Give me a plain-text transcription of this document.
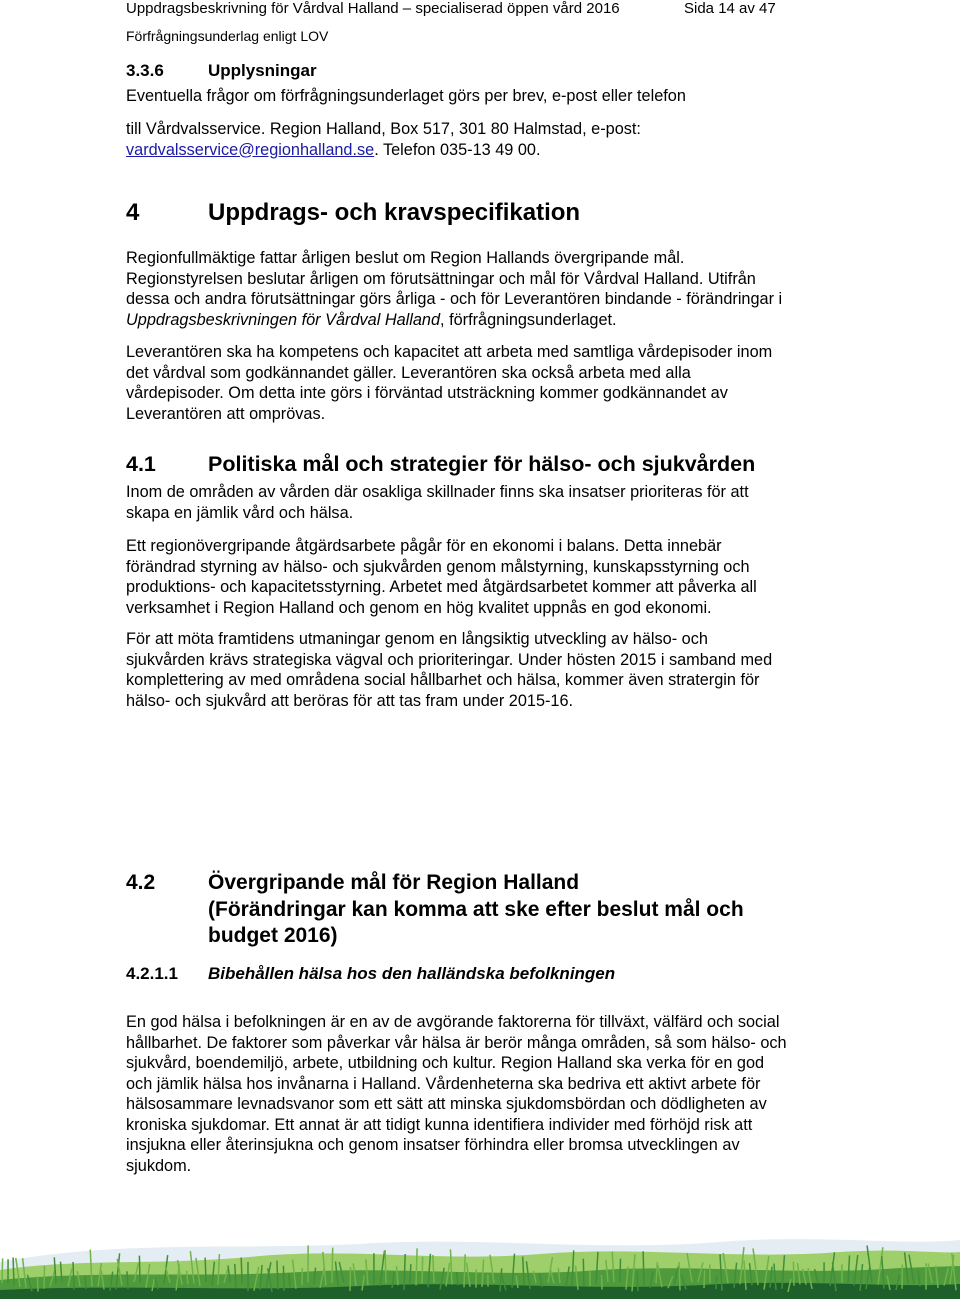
Uppdragsbeskrivning för Vårdval Halland – specialiserad öppen vård 2016	Sida 14 av 47
Förfrågningsunderlag enligt LOV
3.3.6	Upplysningar
Eventuella frågor om förfrågningsunderlaget görs per brev, e-post eller telefon
till Vårdvalsservice. Region Halland, Box 517, 301 80 Halmstad, e-post:
vardvalsservice@regionhalland.se. Telefon 035-13 49 00.
4	Uppdrags- och kravspecifikation
Regionfullmäktige fattar årligen beslut om Region Hallands övergripande mål.
Regionstyrelsen beslutar årligen om förutsättningar och mål för Vårdval Halland. Utifrån
dessa och andra förutsättningar görs årliga - och för Leverantören bindande - förändringar i
Uppdragsbeskrivningen för Vårdval Halland, förfrågningsunderlaget.
Leverantören ska ha kompetens och kapacitet att arbeta med samtliga vårdepisoder inom
det vårdval som godkännandet gäller. Leverantören ska också arbeta med alla
vårdepisoder. Om detta inte görs i förväntad utsträckning kommer godkännandet av
Leverantören att omprövas.
4.1 Politiska mål och strategier för hälso- och sjukvården
Inom de områden av vården där osakliga skillnader finns ska insatser prioriteras för att
skapa en jämlik vård och hälsa.
Ett regionövergripande åtgärdsarbete pågår för en ekonomi i balans. Detta innebär
förändrad styrning av hälso- och sjukvården genom målstyrning, kunskapsstyrning och
produktions- och kapacitetsstyrning. Arbetet med åtgärdsarbetet kommer att påverka all
verksamhet i Region Halland och genom en hög kvalitet uppnås en god ekonomi.
För att möta framtidens utmaningar genom en långsiktig utveckling av hälso- och
sjukvården krävs strategiska vägval och prioriteringar. Under hösten 2015 i samband med
komplettering av med områdena social hållbarhet och hälsa, kommer även stratergin för
hälso- och sjukvård att beröras för att tas fram under 2015-16.
4.2	Övergripande mål för Region Halland
(Förändringar kan komma att ske efter beslut mål och
budget 2016)
4.2.1.1 Bibehållen hälsa hos den halländska befolkningen
En god hälsa i befolkningen är en av de avgörande faktorerna för tillväxt, välfärd och social
hållbarhet. De faktorer som påverkar vår hälsa är berör många områden, så som hälso- och
sjukvård, boendemiljö, arbete, utbildning och kultur. Region Halland ska verka för en god
och jämlik hälsa hos invånarna i Halland. Vårdenheterna ska bedriva ett aktivt arbete för
hälsosammare levnadsvanor som ett sätt att minska sjukdomsbördan och dödligheten av
kroniska sjukdomar. Ett annat är att tidigt kunna identifiera individer med förhöjd risk att
insjukna eller återinsjukna och genom insatser förhindra eller bromsa utvecklingen av
sjukdom.
